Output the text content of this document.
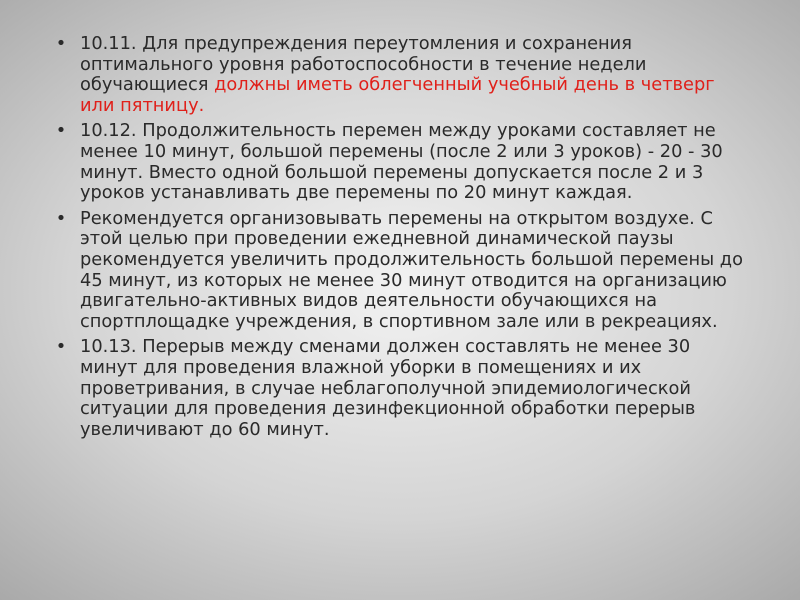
• 10.11. Для предупреждения переутомления и сохранения оптимального уровня работоспособности в течение недели обучающиеся должны иметь облегченный учебный день в четверг или пятницу.
• 10.12. Продолжительность перемен между уроками составляет не менее 10 минут, большой перемены (после 2 или 3 уроков) - 20 - 30 минут. Вместо одной большой перемены допускается после 2 и 3 уроков устанавливать две перемены по 20 минут каждая.
• Рекомендуется организовывать перемены на открытом воздухе. С этой целью при проведении ежедневной динамической паузы рекомендуется увеличить продолжительность большой перемены до 45 минут, из которых не менее 30 минут отводится на организацию двигательно-активных видов деятельности обучающихся на спортплощадке учреждения, в спортивном зале или в рекреациях.
• 10.13. Перерыв между сменами должен составлять не менее 30 минут для проведения влажной уборки в помещениях и их проветривания, в случае неблагополучной эпидемиологической ситуации для проведения дезинфекционной обработки перерыв увеличивают до 60 минут.
